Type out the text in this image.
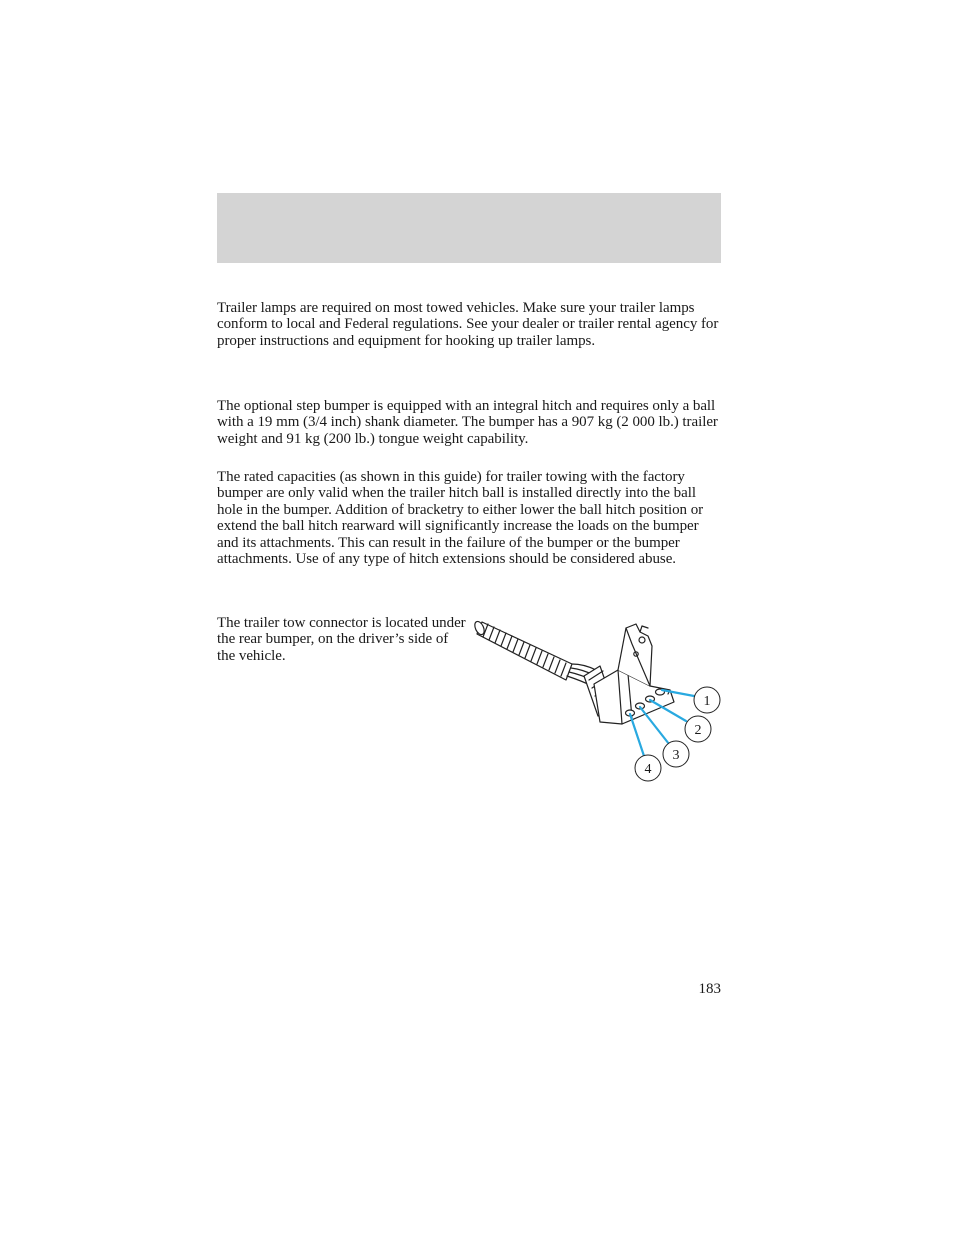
Trailer lamps are required on most towed vehicles. Make sure your trailer lamps conform to local and Federal regulations. See your dealer or trailer rental agency for proper instructions and equipment for hooking up trailer lamps.

The optional step bumper is equipped with an integral hitch and requires only a ball with a 19 mm (3/4 inch) shank diameter. The bumper has a 907 kg (2 000 lb.) trailer weight and 91 kg (200 lb.) tongue weight capability.

The rated capacities (as shown in this guide) for trailer towing with the factory bumper are only valid when the trailer hitch ball is installed directly into the ball hole in the bumper. Addition of bracketry to either lower the ball hitch position or extend the ball hitch rearward will significantly increase the loads on the bumper and its attachments. This can result in the failure of the bumper or the bumper attachments. Use of any type of hitch extensions should be considered abuse.

The trailer tow connector is located under the rear bumper, on the driver’s side of the vehicle.

1
2
3
4
183
